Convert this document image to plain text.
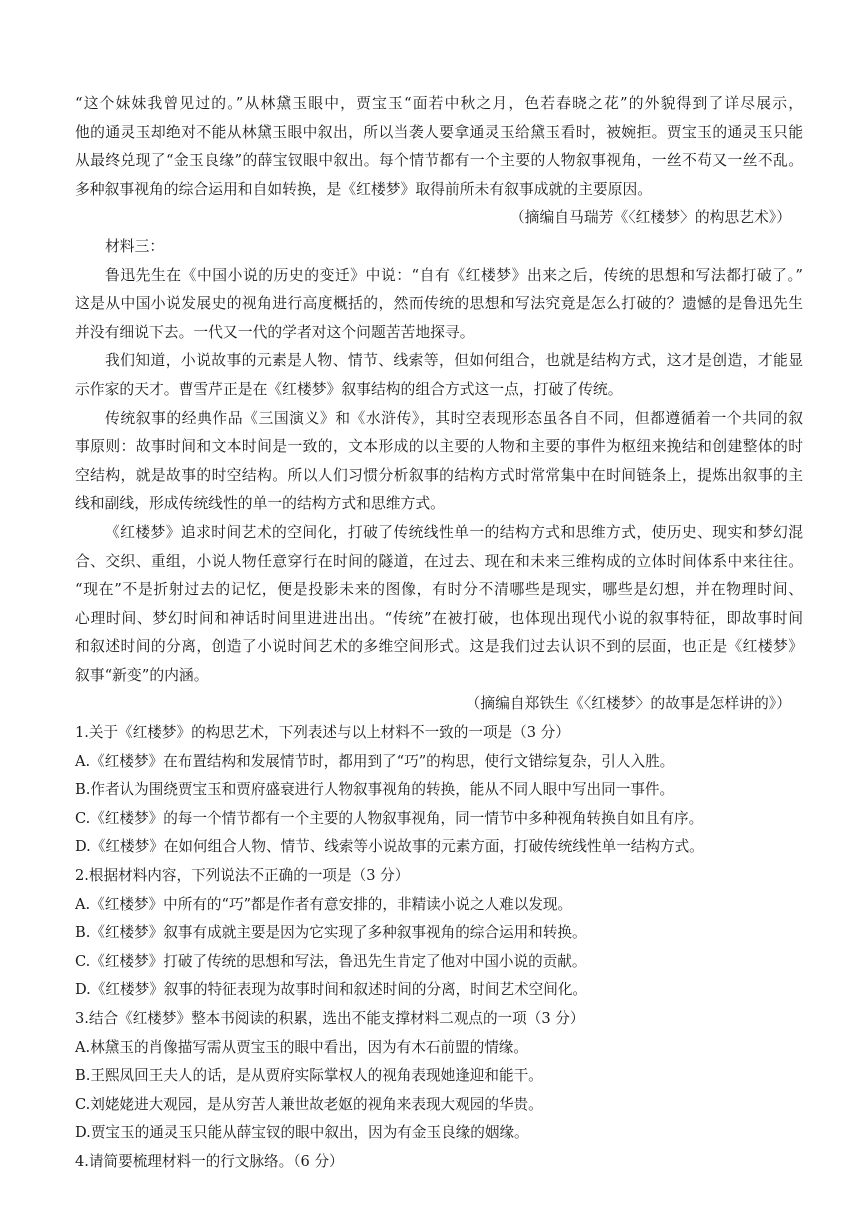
“这个妹妹我曾见过的。”从林黛玉眼中，贾宝玉“面若中秋之月，色若春晓之花”的外貌得到了详尽展示，
他的通灵玉却绝对不能从林黛玉眼中叙出，所以当袭人要拿通灵玉给黛玉看时，被婉拒。贾宝玉的通灵玉只能
从最终兑现了“金玉良缘”的薛宝钗眼中叙出。每个情节都有一个主要的人物叙事视角，一丝不苟又一丝不乱。
多种叙事视角的综合运用和自如转换，是《红楼梦》取得前所未有叙事成就的主要原因。
（摘编自马瑞芳《〈红楼梦〉的构思艺术》）
材料三：
鲁迅先生在《中国小说的历史的变迁》中说：“自有《红楼梦》出来之后，传统的思想和写法都打破了。”
这是从中国小说发展史的视角进行高度概括的，然而传统的思想和写法究竟是怎么打破的？遗憾的是鲁迅先生
并没有细说下去。一代又一代的学者对这个问题苦苦地探寻。
我们知道，小说故事的元素是人物、情节、线索等，但如何组合，也就是结构方式，这才是创造，才能显
示作家的天才。曹雪芹正是在《红楼梦》叙事结构的组合方式这一点，打破了传统。
传统叙事的经典作品《三国演义》和《水浒传》，其时空表现形态虽各自不同，但都遵循着一个共同的叙
事原则：故事时间和文本时间是一致的，文本形成的以主要的人物和主要的事件为枢纽来挽结和创建整体的时
空结构，就是故事的时空结构。所以人们习惯分析叙事的结构方式时常常集中在时间链条上，提炼出叙事的主
线和副线，形成传统线性的单一的结构方式和思维方式。
《红楼梦》追求时间艺术的空间化，打破了传统线性单一的结构方式和思维方式，使历史、现实和梦幻混
合、交织、重组，小说人物任意穿行在时间的隧道，在过去、现在和未来三维构成的立体时间体系中来往往。
“现在”不是折射过去的记忆，便是投影未来的图像，有时分不清哪些是现实，哪些是幻想，并在物理时间、
心理时间、梦幻时间和神话时间里进进出出。“传统”在被打破，也体现出现代小说的叙事特征，即故事时间
和叙述时间的分离，创造了小说时间艺术的多维空间形式。这是我们过去认识不到的层面，也正是《红楼梦》
叙事“新变”的内涵。
（摘编自郑铁生《〈红楼梦〉的故事是怎样讲的》）
1.关于《红楼梦》的构思艺术，下列表述与以上材料不一致的一项是（3 分）
A.《红楼梦》在布置结构和发展情节时，都用到了“巧”的构思，使行文错综复杂，引人入胜。
B.作者认为围绕贾宝玉和贾府盛衰进行人物叙事视角的转换，能从不同人眼中写出同一事件。
C.《红楼梦》的每一个情节都有一个主要的人物叙事视角，同一情节中多种视角转换自如且有序。
D.《红楼梦》在如何组合人物、情节、线索等小说故事的元素方面，打破传统线性单一结构方式。
2.根据材料内容，下列说法不正确的一项是（3 分）
A.《红楼梦》中所有的“巧”都是作者有意安排的，非精读小说之人难以发现。
B.《红楼梦》叙事有成就主要是因为它实现了多种叙事视角的综合运用和转换。
C.《红楼梦》打破了传统的思想和写法，鲁迅先生肯定了他对中国小说的贡献。
D.《红楼梦》叙事的特征表现为故事时间和叙述时间的分离，时间艺术空间化。
3.结合《红楼梦》整本书阅读的积累，选出不能支撑材料二观点的一项（3 分）
A.林黛玉的肖像描写需从贾宝玉的眼中看出，因为有木石前盟的情缘。
B.王熙凤回王夫人的话，是从贾府实际掌权人的视角表现她逢迎和能干。
C.刘姥姥进大观园，是从穷苦人兼世故老妪的视角来表现大观园的华贵。
D.贾宝玉的通灵玉只能从薛宝钗的眼中叙出，因为有金玉良缘的姻缘。
4.请简要梳理材料一的行文脉络。（6 分）
